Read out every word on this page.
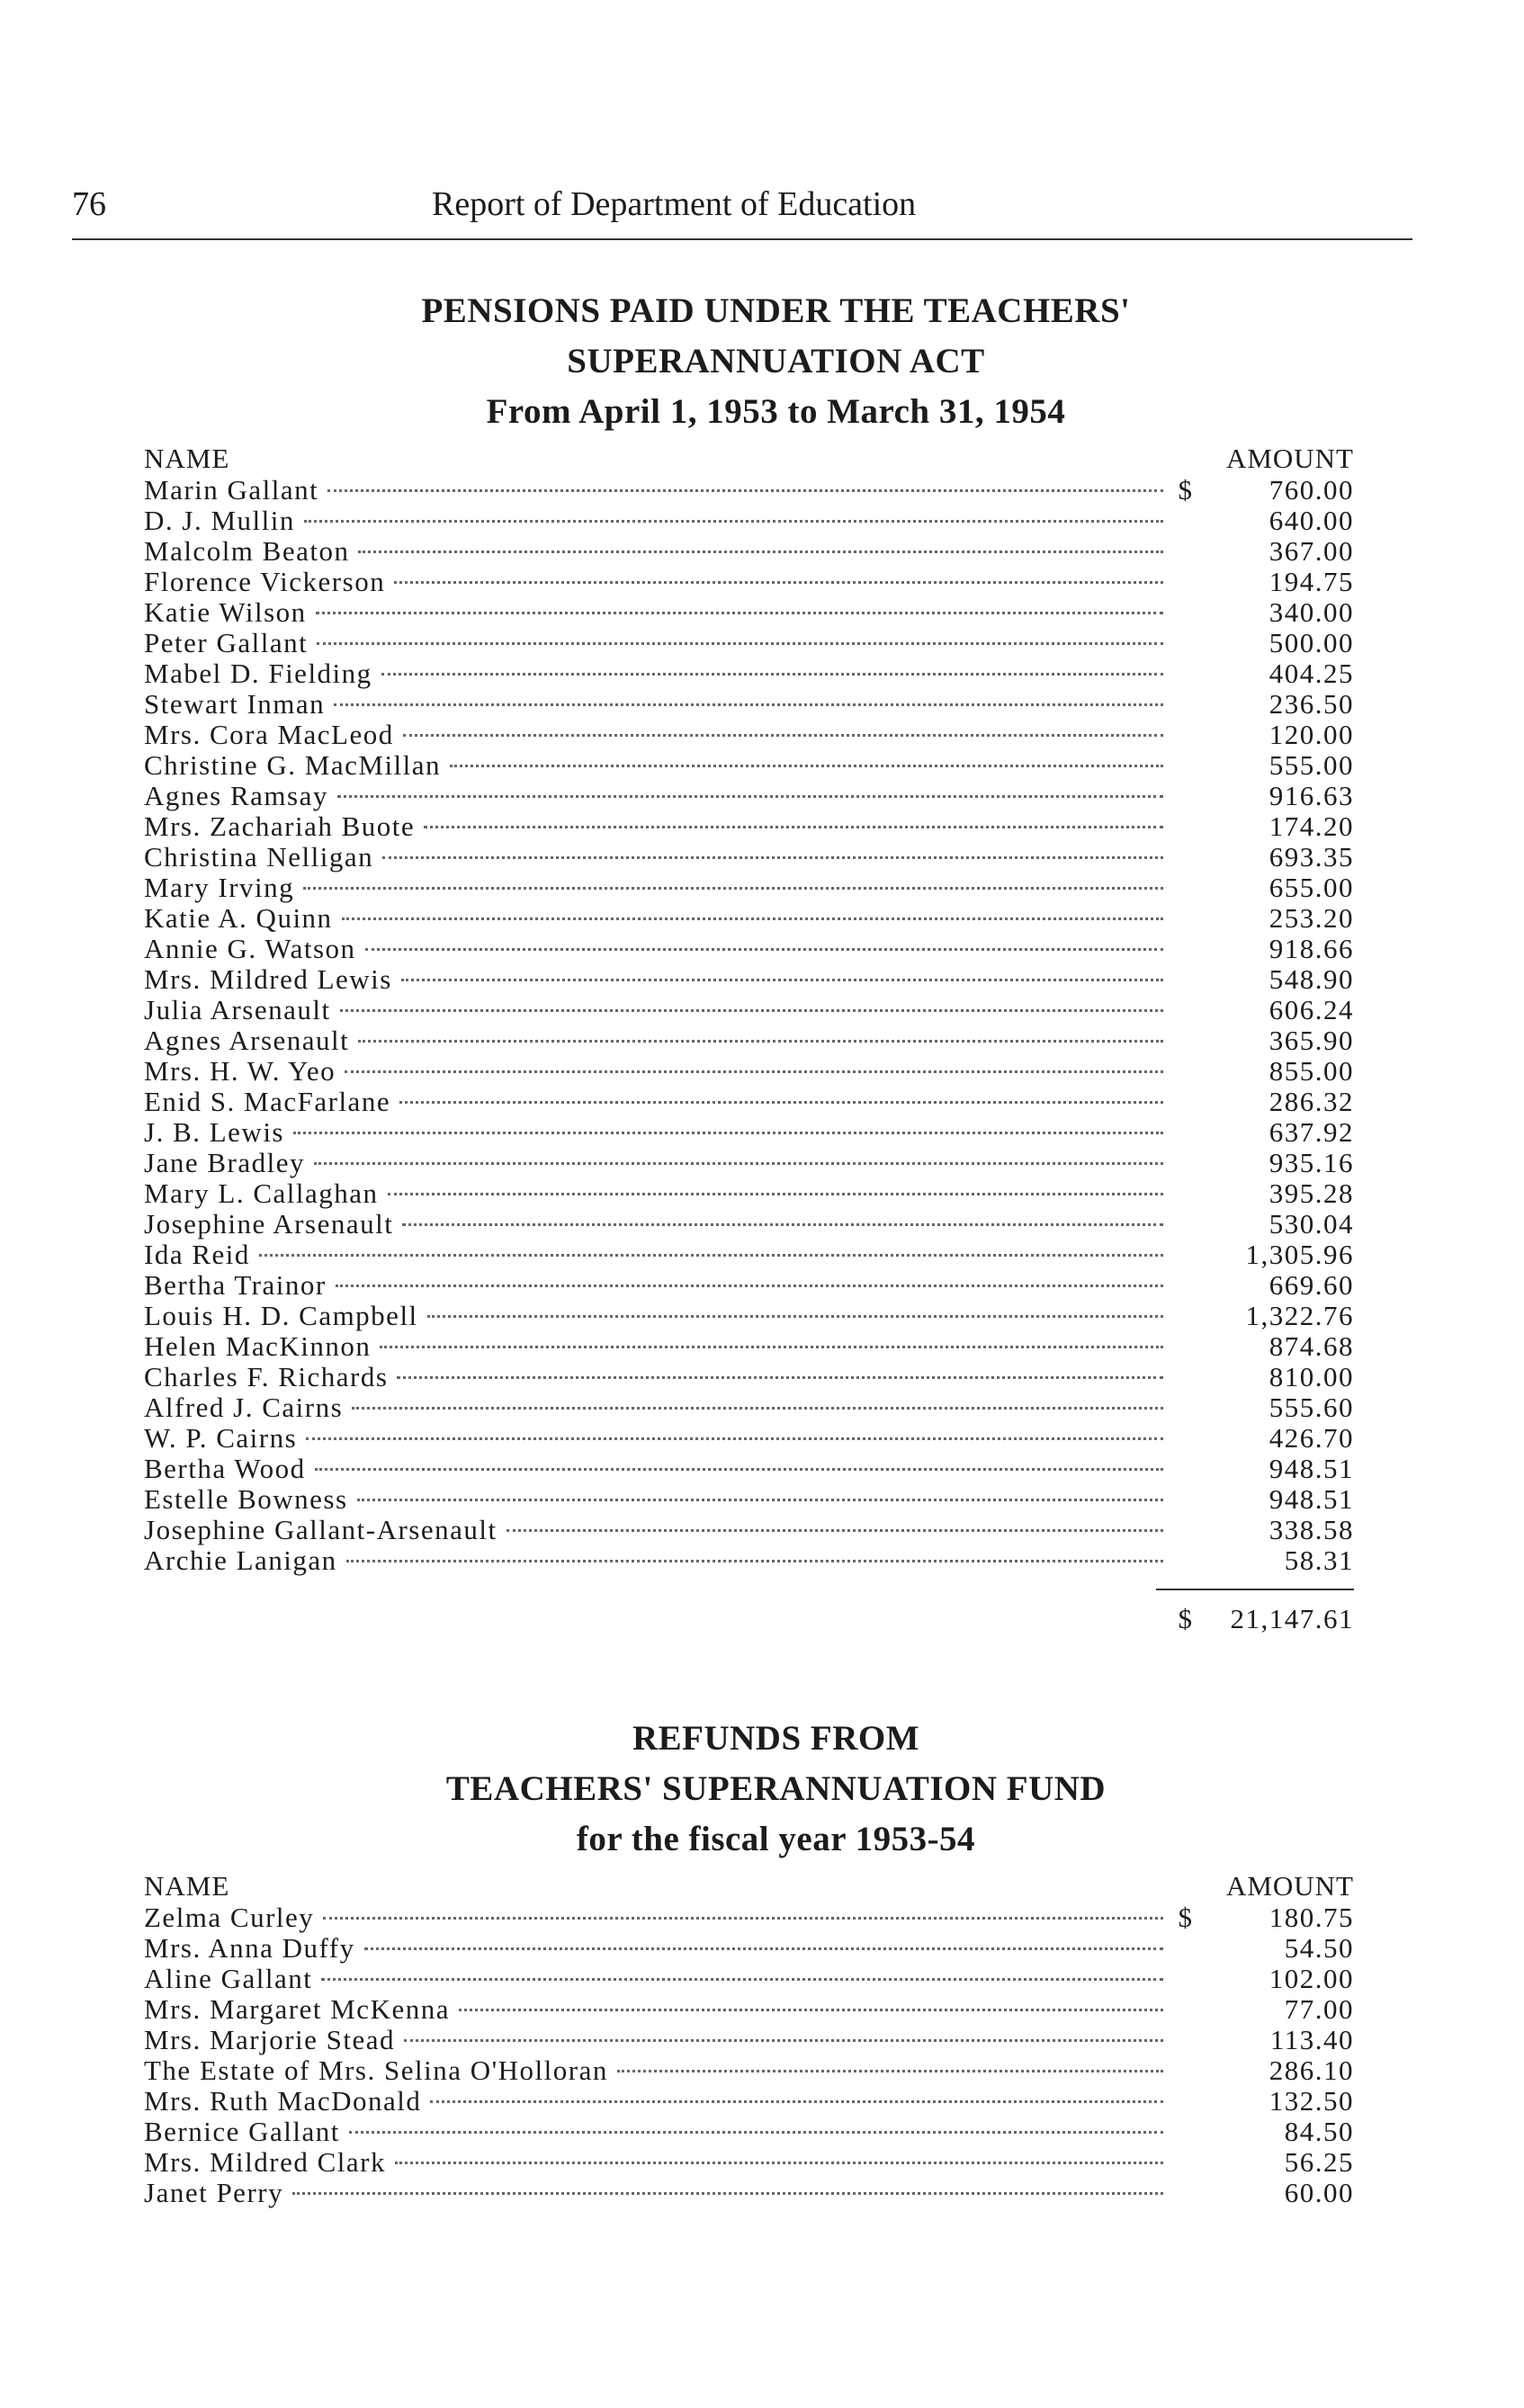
76	Report of Department of Education
PENSIONS PAID UNDER THE TEACHERS'
SUPERANNUATION ACT
From April 1, 1953 to March 31, 1954
NAME	AMOUNT
Marin Gallant	$	760.00
D. J. Mullin	640.00
Malcolm Beaton	367.00
Florence Vickerson	194.75
Katie Wilson	340.00
Peter Gallant	500.00
Mabel D. Fielding	404.25
Stewart Inman	236.50
Mrs. Cora MacLeod	120.00
Christine G. MacMillan	555.00
Agnes Ramsay	916.63
Mrs. Zachariah Buote	174.20
Christina Nelligan	693.35
Mary Irving	655.00
Katie A. Quinn	253.20
Annie G. Watson	918.66
Mrs. Mildred Lewis	548.90
Julia Arsenault	606.24
Agnes Arsenault	365.90
Mrs. H. W. Yeo	855.00
Enid S. MacFarlane	286.32
J. B. Lewis	637.92
Jane Bradley	935.16
Mary L. Callaghan	395.28
Josephine Arsenault	530.04
Ida Reid	1,305.96
Bertha Trainor	669.60
Louis H. D. Campbell	1,322.76
Helen MacKinnon	874.68
Charles F. Richards	810.00
Alfred J. Cairns	555.60
W. P. Cairns	426.70
Bertha Wood	948.51
Estelle Bowness	948.51
Josephine Gallant-Arsenault	338.58
Archie Lanigan	58.31
$	21,147.61
REFUNDS FROM
TEACHERS' SUPERANNUATION FUND
for the fiscal year 1953-54
NAME	AMOUNT
Zelma Curley	$	180.75
Mrs. Anna Duffy	54.50
Aline Gallant	102.00
Mrs. Margaret McKenna	77.00
Mrs. Marjorie Stead	113.40
The Estate of Mrs. Selina O'Holloran	286.10
Mrs. Ruth MacDonald	132.50
Bernice Gallant	84.50
Mrs. Mildred Clark	56.25
Janet Perry	60.00
